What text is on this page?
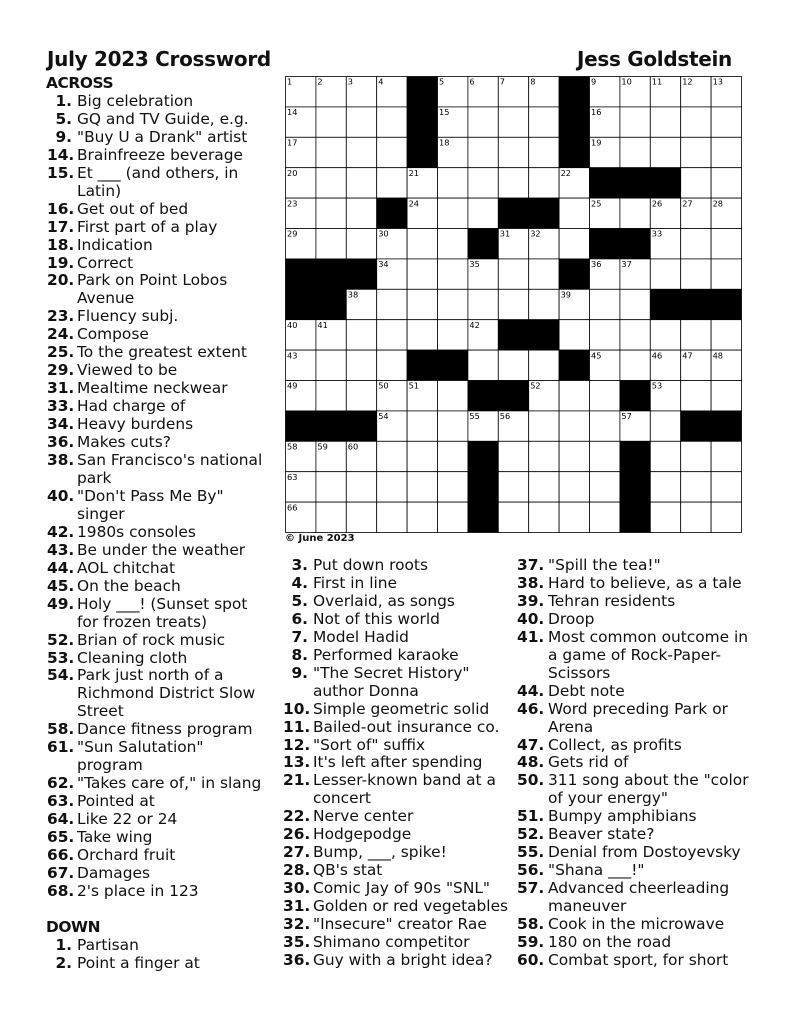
July 2023 Crossword	Jess Goldstein
ACROSS
1. Big celebration
5. GQ and TV Guide, e.g.
9. "Buy U a Drank" artist
14. Brainfreeze beverage
15. Et ___ (and others, in Latin)
16. Get out of bed
17. First part of a play
18. Indication
19. Correct
20. Park on Point Lobos Avenue
23. Fluency subj.
24. Compose
25. To the greatest extent
29. Viewed to be
31. Mealtime neckwear
33. Had charge of
34. Heavy burdens
36. Makes cuts?
38. San Francisco's national park
40. "Don't Pass Me By" singer
42. 1980s consoles
43. Be under the weather
44. AOL chitchat
45. On the beach
49. Holy ___! (Sunset spot for frozen treats)
52. Brian of rock music
53. Cleaning cloth
54. Park just north of a Richmond District Slow Street
58. Dance fitness program
61. "Sun Salutation" program
62. "Takes care of," in slang
63. Pointed at
64. Like 22 or 24
65. Take wing
66. Orchard fruit
67. Damages
68. 2's place in 123
DOWN
1. Partisan
2. Point a finger at
3. Put down roots
4. First in line
5. Overlaid, as songs
6. Not of this world
7. Model Hadid
8. Performed karaoke
9. "The Secret History" author Donna
10. Simple geometric solid
11. Bailed-out insurance co.
12. "Sort of" suffix
13. It's left after spending
21. Lesser-known band at a concert
22. Nerve center
26. Hodgepodge
27. Bump, ___, spike!
28. QB's stat
30. Comic Jay of 90s "SNL"
31. Golden or red vegetables
32. "Insecure" creator Rae
35. Shimano competitor
36. Guy with a bright idea?
37. "Spill the tea!"
38. Hard to believe, as a tale
39. Tehran residents
40. Droop
41. Most common outcome in a game of Rock-Paper-Scissors
44. Debt note
46. Word preceding Park or Arena
47. Collect, as profits
48. Gets rid of
50. 311 song about the "color of your energy"
51. Bumpy amphibians
52. Beaver state?
55. Denial from Dostoyevsky
56. "Shana ___!"
57. Advanced cheerleading maneuver
58. Cook in the microwave
59. 180 on the road
60. Combat sport, for short
1	2	3	4	5	6	7	8	9	10 11 12 13
14	15	16
17	18	19
20	21	22
23	24	25	26 27 28
29	30	31 32	33
34	35	36 37
38	39
40 41	42
43	44	45	46 47 48
49	50 51	52	53
54	55 56	57
58 59 60	61	62
63	64	65
66	67	68
© June 2023
